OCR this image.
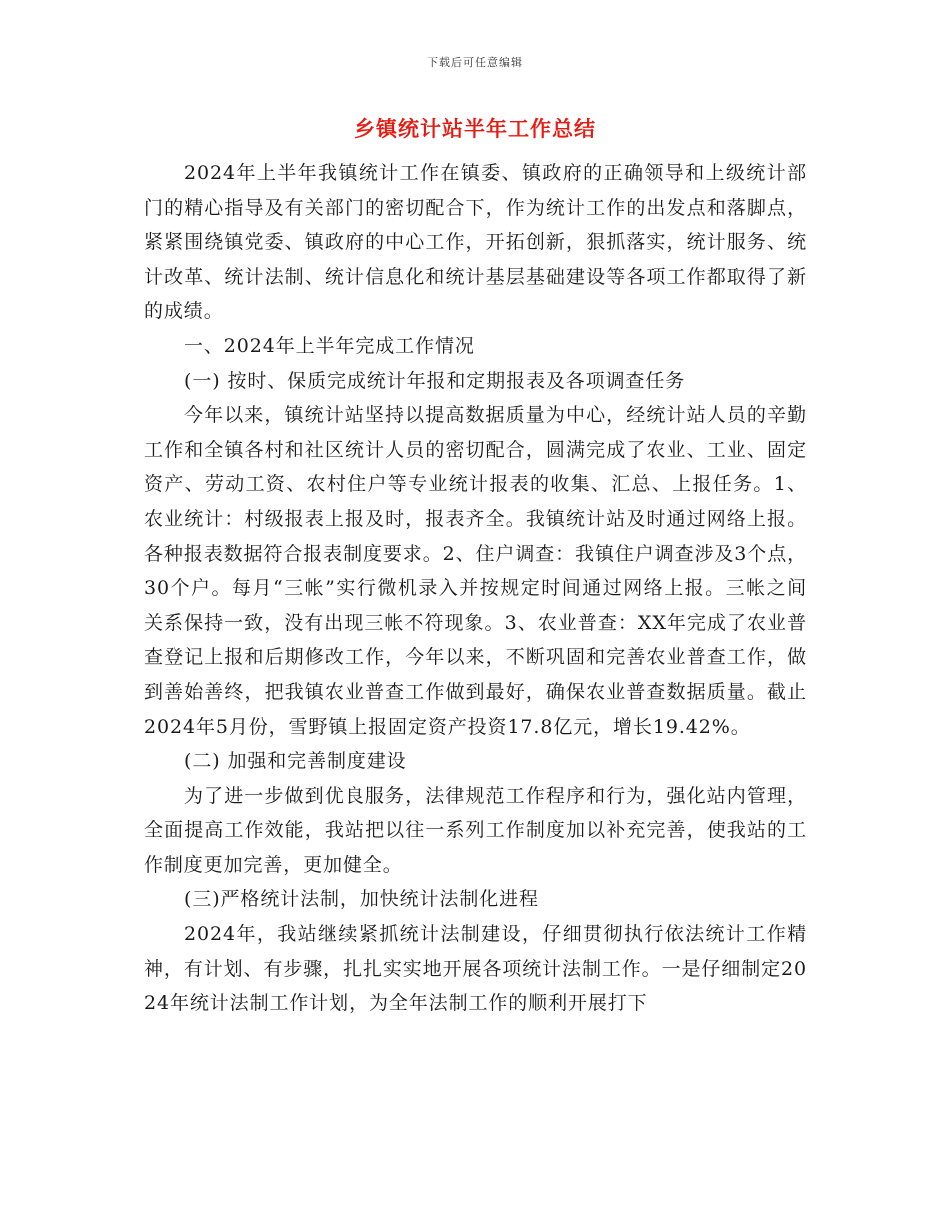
下载后可任意编辑
乡镇统计站半年工作总结

2024年上半年我镇统计工作在镇委、镇政府的正确领导和上级统计部门的精心指导及有关部门的密切配合下，作为统计工作的出发点和落脚点，紧紧围绕镇党委、镇政府的中心工作，开拓创新，狠抓落实，统计服务、统计改革、统计法制、统计信息化和统计基层基础建设等各项工作都取得了新的成绩。

一、2024年上半年完成工作情况

(一) 按时、保质完成统计年报和定期报表及各项调查任务

今年以来，镇统计站坚持以提高数据质量为中心，经统计站人员的辛勤工作和全镇各村和社区统计人员的密切配合，圆满完成了农业、工业、固定资产、劳动工资、农村住户等专业统计报表的收集、汇总、上报任务。1、农业统计：村级报表上报及时，报表齐全。我镇统计站及时通过网络上报。各种报表数据符合报表制度要求。2、住户调查：我镇住户调查涉及3个点，30个户。每月“三帐”实行微机录入并按规定时间通过网络上报。三帐之间关系保持一致，没有出现三帐不符现象。3、农业普查：XX年完成了农业普查登记上报和后期修改工作，今年以来，不断巩固和完善农业普查工作，做到善始善终，把我镇农业普查工作做到最好，确保农业普查数据质量。截止2024年5月份，雪野镇上报固定资产投资17.8亿元，增长19.42%。

(二) 加强和完善制度建设

为了进一步做到优良服务，法律规范工作程序和行为，强化站内管理，全面提高工作效能，我站把以往一系列工作制度加以补充完善，使我站的工作制度更加完善，更加健全。

(三)严格统计法制，加快统计法制化进程

2024年，我站继续紧抓统计法制建设，仔细贯彻执行依法统计工作精神，有计划、有步骤，扎扎实实地开展各项统计法制工作。一是仔细制定2024年统计法制工作计划，为全年法制工作的顺利开展打下
